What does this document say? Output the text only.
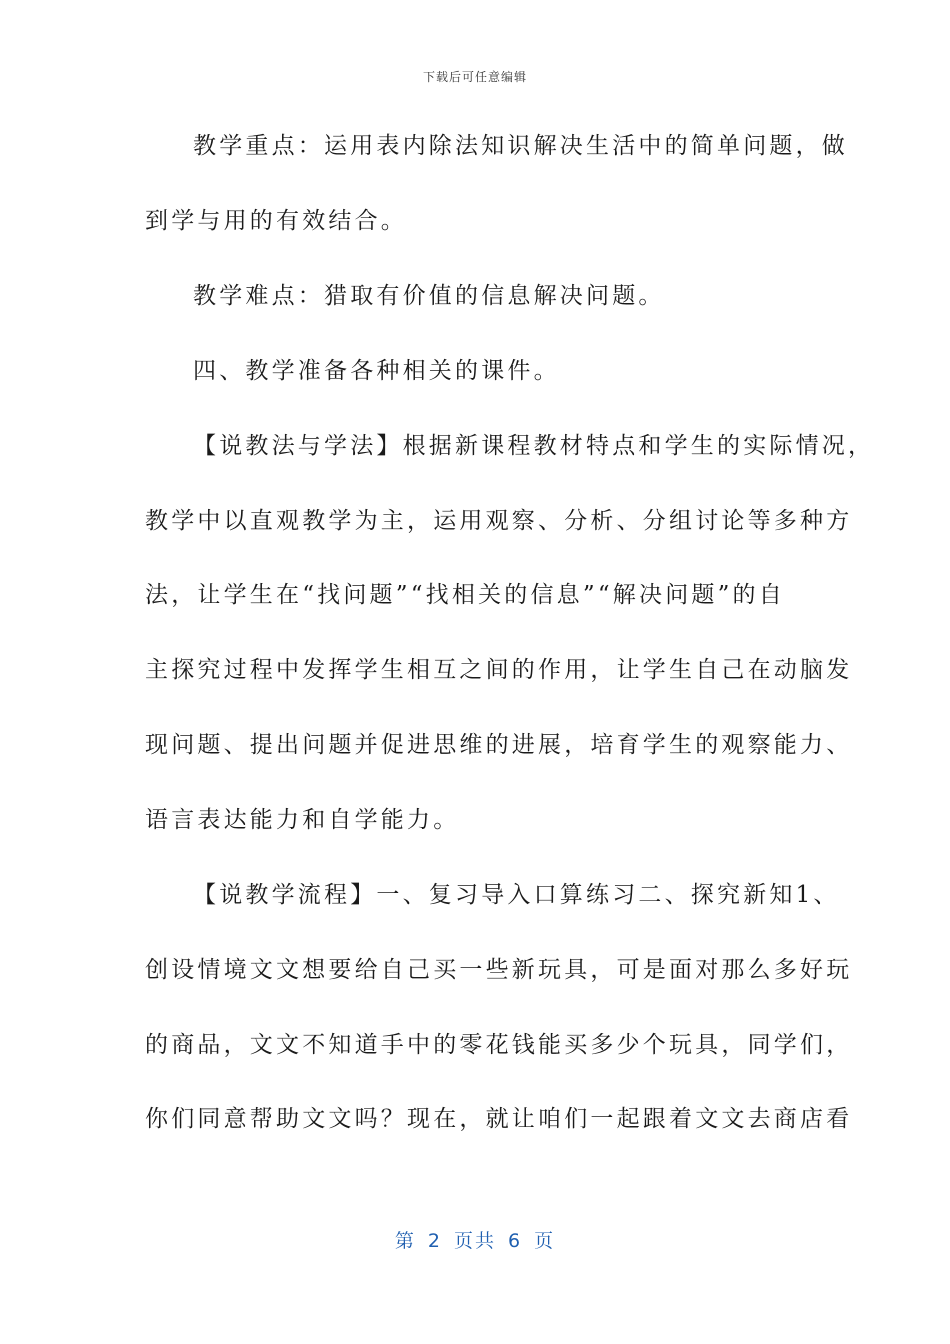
下载后可任意编辑
教学重点：运用表内除法知识解决生活中的简单问题，做
到学与用的有效结合。
教学难点：猎取有价值的信息解决问题。
四、教学准备各种相关的课件。
【说教法与学法】根据新课程教材特点和学生的实际情况，
教学中以直观教学为主，运用观察、分析、分组讨论等多种方
法，让学生在“找问题”“找相关的信息”“解决问题”的自
主探究过程中发挥学生相互之间的作用，让学生自己在动脑发
现问题、提出问题并促进思维的进展，培育学生的观察能力、
语言表达能力和自学能力。
【说教学流程】一、复习导入口算练习二、探究新知1、
创设情境文文想要给自己买一些新玩具，可是面对那么多好玩
的商品，文文不知道手中的零花钱能买多少个玩具，同学们，
你们同意帮助文文吗？现在，就让咱们一起跟着文文去商店看
第 2 页共 6 页
